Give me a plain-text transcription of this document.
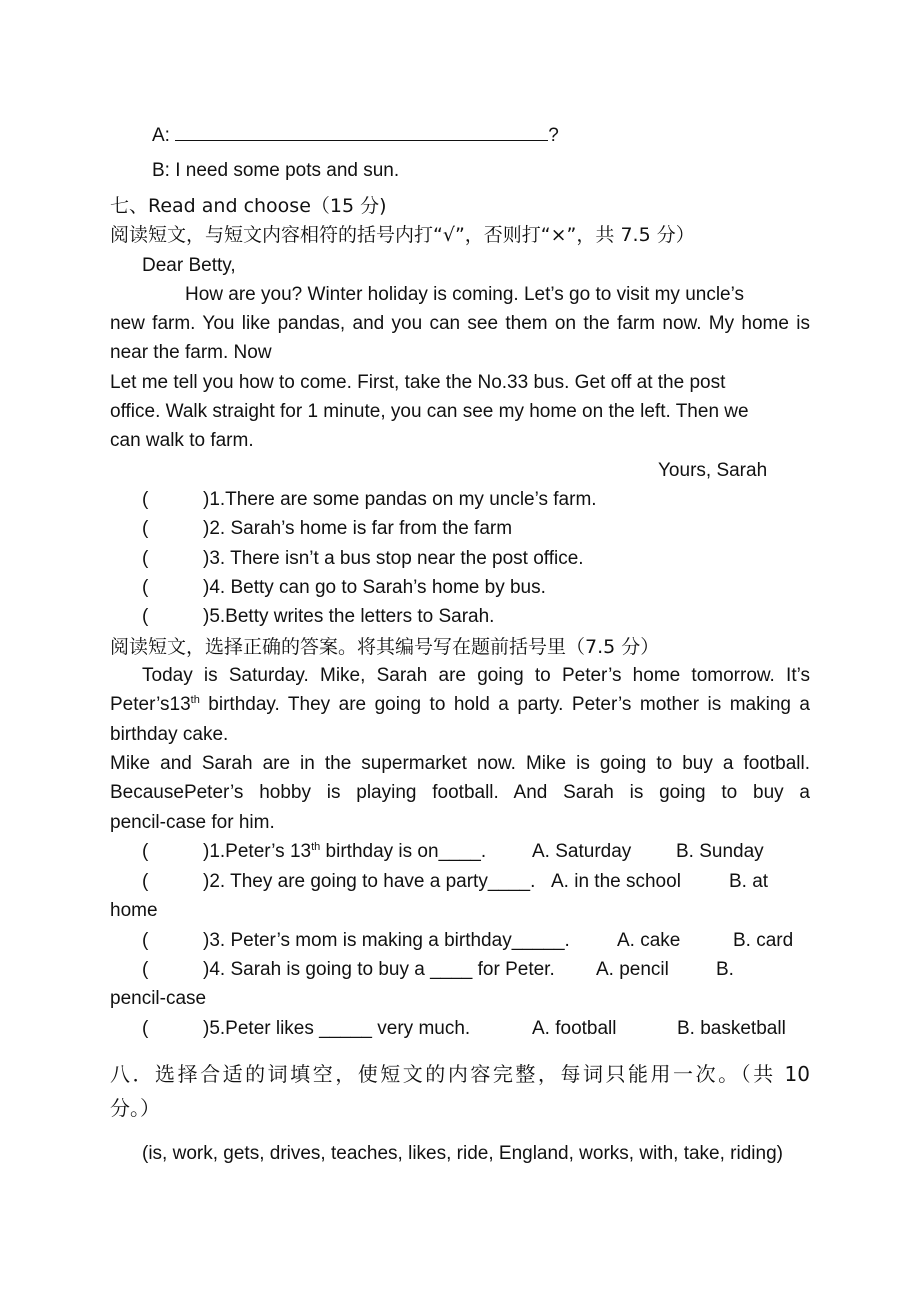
A:	?
B: I need some pots and sun.
七、Read and choose（15 分)
阅读短文，与短文内容相符的括号内打“√”，否则打“×”，共 7.5 分）
Dear Betty,
How are you? Winter holiday is coming. Let’s go to visit my uncle’s
new farm. You like pandas, and you can see them on the farm now. My home is
near the farm. Now
Let me tell you how to come. First, take the No.33 bus. Get off at the post
office. Walk straight for 1 minute, you can see my home on the left. Then we
can walk to farm.
Yours, Sarah
(	)1.There are some pandas on my uncle’s farm.
(	)2. Sarah’s home is far from the farm
(	)3. There isn’t a bus stop near the post office.
(	)4. Betty can go to Sarah’s home by bus.
(	)5.Betty writes the letters to Sarah.
阅读短文，选择正确的答案。将其编号写在题前括号里（7.5 分）
Today is Saturday. Mike, Sarah are going to Peter’s home tomorrow. It’s
Peter’s13th birthday. They are going to hold a party. Peter’s mother is making a
birthday cake.
Mike and Sarah are in the supermarket now. Mike is going to buy a football.
BecausePeter’s hobby is playing football. And Sarah is going to buy a
pencil-case for him.
(	)1.Peter’s 13th birthday is on____. A. Saturday B. Sunday
(	)2. They are going to have a party____. A. in the school	B. at
home
(	)3. Peter’s mom is making a birthday_____. A. cake	B. card
(	)4. Sarah is going to buy a ____ for Peter. A. pencil B.
pencil-case
(	)5.Peter likes _____ very much.	A. football	B. basketball
八．选择合适的词填空，使短文的内容完整，每词只能用一次。（共 10
分。）
(is, work, gets, drives, teaches, likes, ride, England, works, with, take, riding)
